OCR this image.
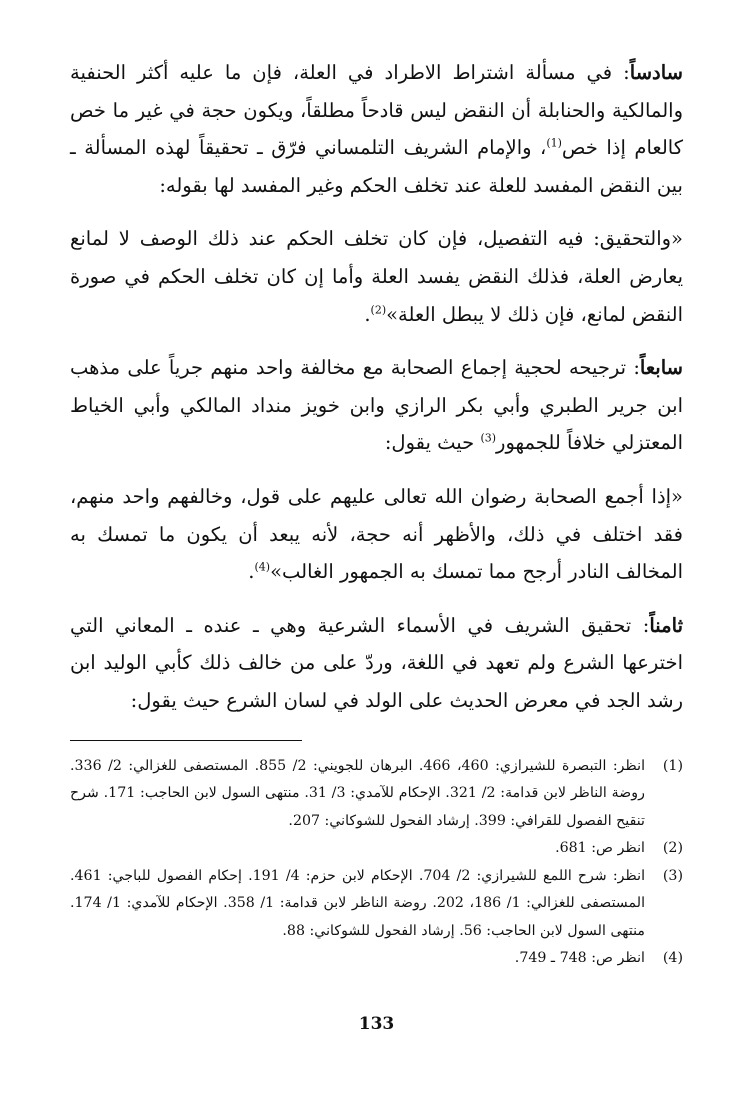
سادساً: في مسألة اشتراط الاطراد في العلة، فإن ما عليه أكثر الحنفية والمالكية والحنابلة أن النقض ليس قادحاً مطلقاً، ويكون حجة في غير ما خص كالعام إذا خص$^{(1)}$، والإمام الشريف التلمساني فرّق ـ تحقيقاً لهذه المسألة ـ بين النقض المفسد للعلة عند تخلف الحكم وغير المفسد لها بقوله:

«والتحقيق: فيه التفصيل، فإن كان تخلف الحكم عند ذلك الوصف لا لمانع يعارض العلة، فذلك النقض يفسد العلة وأما إن كان تخلف الحكم في صورة النقض لمانع، فإن ذلك لا يبطل العلة»$^{(2)}$.

سابعاً: ترجيحه لحجية إجماع الصحابة مع مخالفة واحد منهم جرياً على مذهب ابن جرير الطبري وأبي بكر الرازي وابن خويز منداد المالكي وأبي الخياط المعتزلي خلافاً للجمهور$^{(3)}$ حيث يقول:

«إذا أجمع الصحابة رضوان الله تعالى عليهم على قول، وخالفهم واحد منهم، فقد اختلف في ذلك، والأظهر أنه حجة، لأنه يبعد أن يكون ما تمسك به المخالف النادر أرجح مما تمسك به الجمهور الغالب»$^{(4)}$.

ثامناً: تحقيق الشريف في الأسماء الشرعية وهي ـ عنده ـ المعاني التي اخترعها الشرع ولم تعهد في اللغة، وردّ على من خالف ذلك كأبي الوليد ابن رشد الجد في معرض الحديث على الولد في لسان الشرع حيث يقول:

(1)
انظر: التبصرة للشيرازي: 460، 466. البرهان للجويني: 2/ 855. المستصفى للغزالي: 2/ 336. روضة الناظر لابن قدامة: 2/ 321. الإحكام للآمدي: 3/ 31. منتهى السول لابن الحاجب: 171. شرح تنقيح الفصول للقرافي: 399. إرشاد الفحول للشوكاني: 207.
(2)
انظر ص: 681.
(3)
انظر: شرح اللمع للشيرازي: 2/ 704. الإحكام لابن حزم: 4/ 191. إحكام الفصول للباجي: 461. المستصفى للغزالي: 1/ 186، 202. روضة الناظر لابن قدامة: 1/ 358. الإحكام للآمدي: 1/ 174. منتهى السول لابن الحاجب: 56. إرشاد الفحول للشوكاني: 88.
(4)
انظر ص: 748 ـ 749.
133
